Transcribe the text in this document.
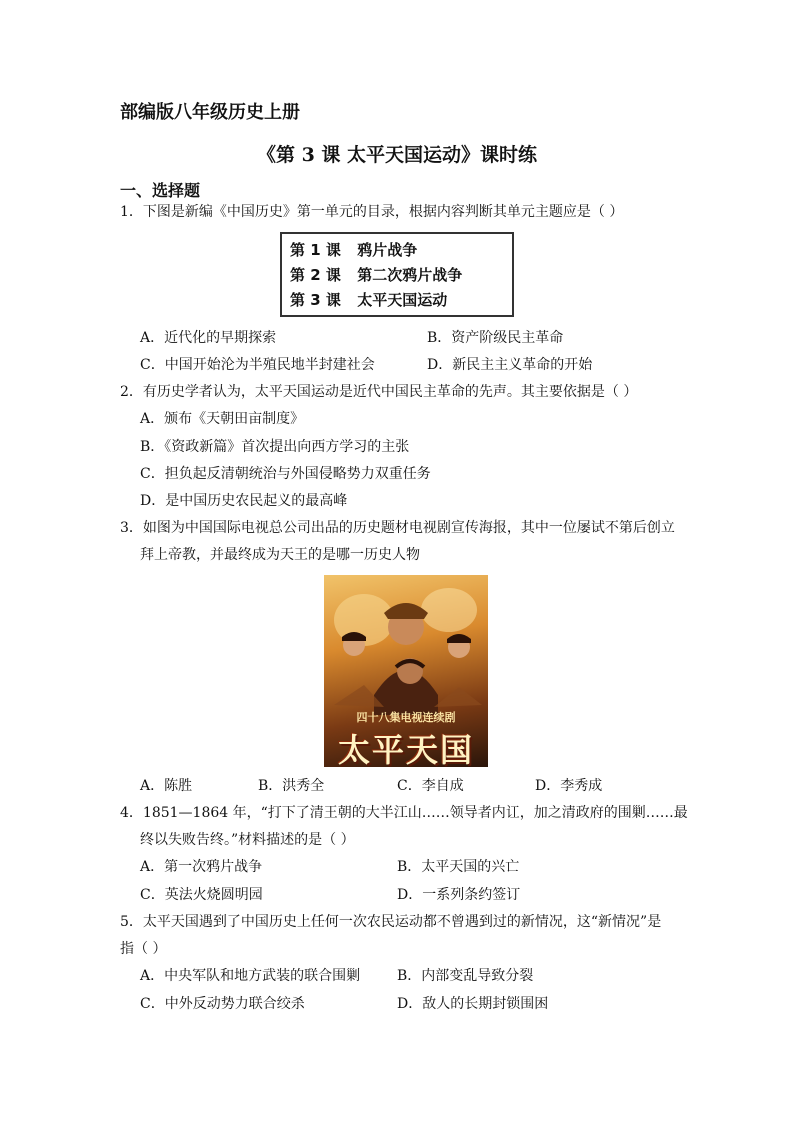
部编版八年级历史上册
《第 3 课 太平天国运动》课时练
一、选择题
1．下图是新编《中国历史》第一单元的目录，根据内容判断其单元主题应是（ ）
第 1 课 鸦片战争
第 2 课 第二次鸦片战争
第 3 课 太平天国运动
A．近代化的早期探索	B．资产阶级民主革命
C．中国开始沦为半殖民地半封建社会	D．新民主主义革命的开始
2．有历史学者认为，太平天国运动是近代中国民主革命的先声。其主要依据是（ ）
A．颁布《天朝田亩制度》
B．《资政新篇》首次提出向西方学习的主张
C．担负起反清朝统治与外国侵略势力双重任务
D．是中国历史农民起义的最高峰
3．如图为中国国际电视总公司出品的历史题材电视剧宣传海报，其中一位屡试不第后创立
拜上帝教，并最终成为天王的是哪一历史人物
四十八集电视连续剧
太平天国
A．陈胜	B．洪秀全	C．李自成	D．李秀成
4．1851—1864 年，“打下了清王朝的大半江山……领导者内讧，加之清政府的围剿……最
终以失败告终。”材料描述的是（ ）
A．第一次鸦片战争	B．太平天国的兴亡
C．英法火烧圆明园	D．一系列条约签订
5．太平天国遇到了中国历史上任何一次农民运动都不曾遇到过的新情况，这“新情况”是
指（ ）
A．中央军队和地方武装的联合围剿	B．内部变乱导致分裂
C．中外反动势力联合绞杀	D．敌人的长期封锁围困
